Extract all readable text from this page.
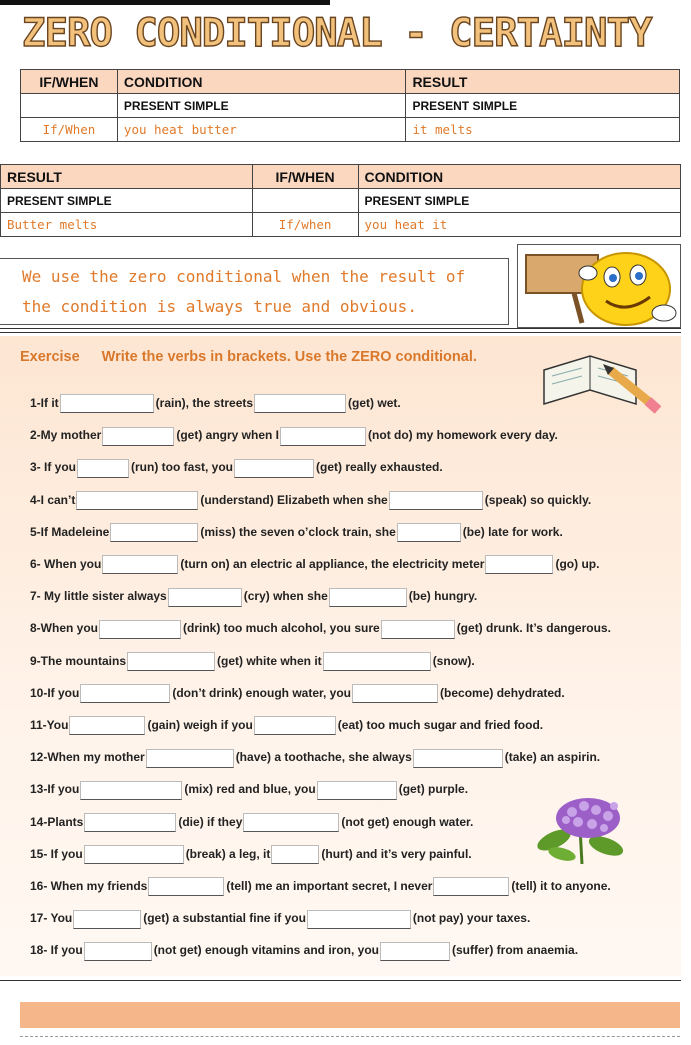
ZERO CONDITIONAL - CERTAINTY
IF/WHEN	CONDITION	RESULT
	PRESENT SIMPLE	PRESENT SIMPLE
If/When	you heat butter	it melts
RESULT	IF/WHEN	CONDITION
PRESENT SIMPLE		PRESENT SIMPLE
Butter melts	If/when	you heat it
We use the zero conditional when the result of the condition is always true and obvious.
Exercise Write the verbs in brackets. Use the ZERO conditional.
1-If it	(rain), the streets	(get) wet.
2-My mother	(get) angry when I	(not do) my homework every day.
3- If you	(run) too fast, you	(get) really exhausted.
4-I can’t	(understand) Elizabeth when she	(speak) so quickly.
5-If Madeleine	(miss) the seven o’clock train, she	(be) late for work.
6- When you	(turn on) an electric al appliance, the electricity meter	(go) up.
7- My little sister always	(cry) when she	(be) hungry.
8-When you	(drink) too much alcohol, you sure	(get) drunk. It’s dangerous.
9-The mountains	(get) white when it	(snow).
10-If you	(don’t drink) enough water, you	(become) dehydrated.
11-You	(gain) weigh if you	(eat) too much sugar and fried food.
12-When my mother	(have) a toothache, she always	(take) an aspirin.
13-If you	(mix) red and blue, you	(get) purple.
14-Plants	(die) if they	(not get) enough water.
15- If you	(break) a leg, it	(hurt) and it’s very painful.
16- When my friends	(tell) me an important secret, I never	(tell) it to anyone.
17- You	(get) a substantial fine if you	(not pay) your taxes.
18- If you	(not get) enough vitamins and iron, you	(suffer) from anaemia.
